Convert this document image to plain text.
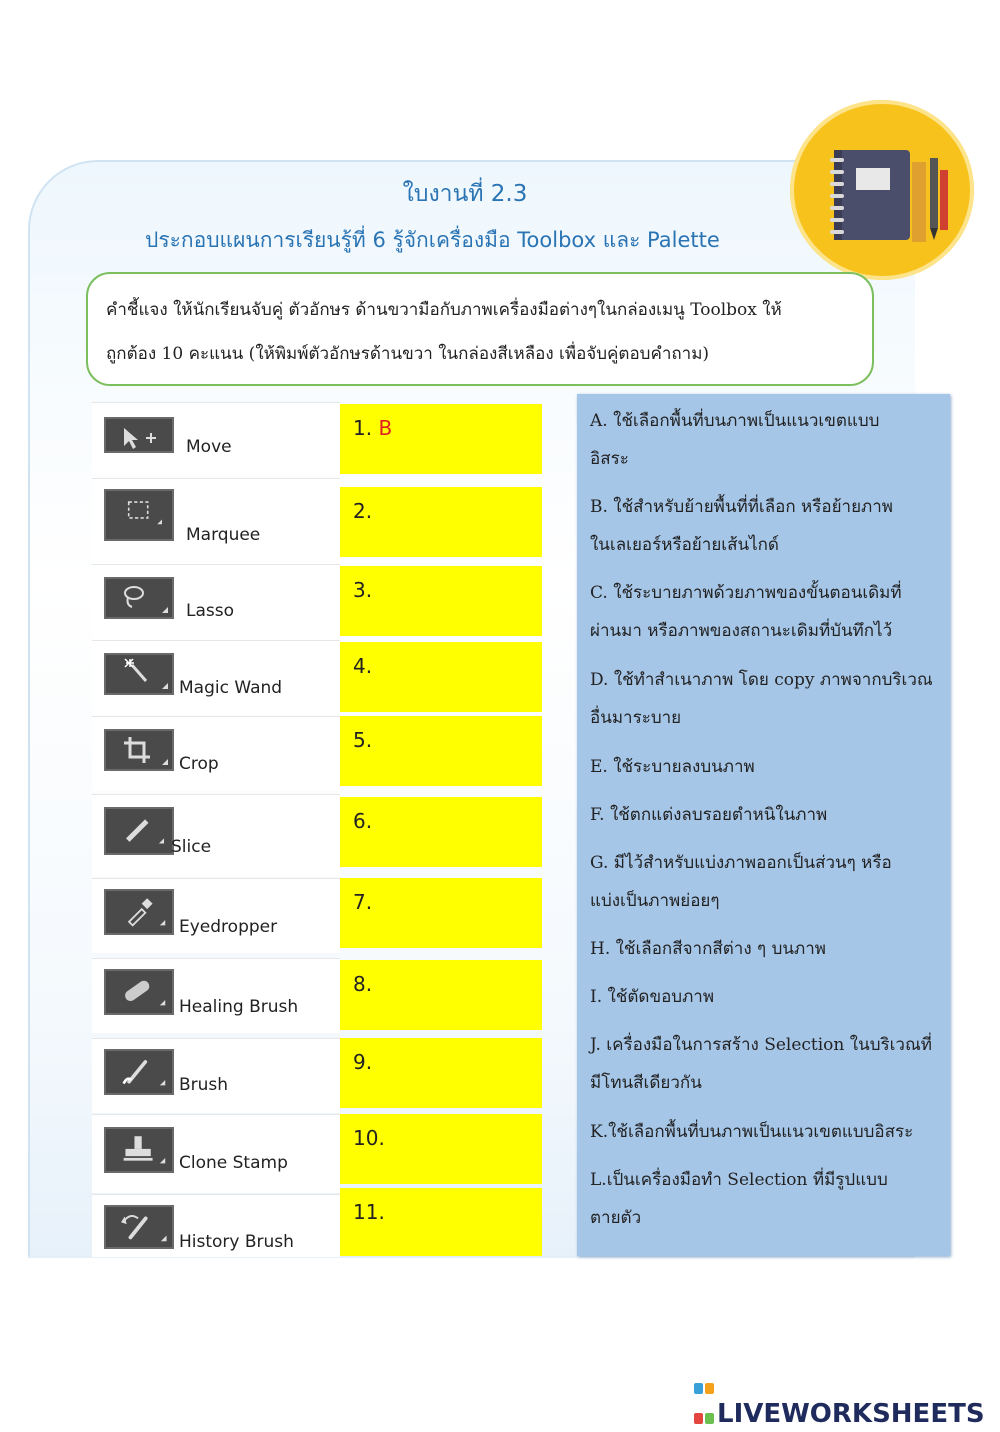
ใบงานที่ 2.3
ประกอบแผนการเรียนรู้ที่ 6 รู้จักเครื่องมือ Toolbox และ Palette
คำชี้แจง ให้นักเรียนจับคู่ ตัวอักษร ด้านขวามือกับภาพเครื่องมือต่างๆในกล่องเมนู Toolbox ให้
ถูกต้อง 10 คะแนน (ให้พิมพ์ตัวอักษรด้านขวา ในกล่องสีเหลือง เพื่อจับคู่ตอบคำถาม)
Move
1. B
Marquee
2.
Lasso
3.
Magic Wand
4.
Crop
5.
Slice
6.
Eyedropper
7.
Healing Brush
8.
Brush
9.
Clone Stamp
10.
History Brush
11.
A. ใช้เลือกพื้นที่บนภาพเป็นแนวเขตแบบ
อิสระ
B. ใช้สำหรับย้ายพื้นที่ที่เลือก หรือย้ายภาพ
ในเลเยอร์หรือย้ายเส้นไกด์
C. ใช้ระบายภาพด้วยภาพของขั้นตอนเดิมที่
ผ่านมา หรือภาพของสถานะเดิมที่บันทึกไว้
D. ใช้ทำสำเนาภาพ โดย copy ภาพจากบริเวณ
อื่นมาระบาย
E. ใช้ระบายลงบนภาพ
F. ใช้ตกแต่งลบรอยตำหนิในภาพ
G. มีไว้สำหรับแบ่งภาพออกเป็นส่วนๆ หรือ
แบ่งเป็นภาพย่อยๆ
H. ใช้เลือกสีจากสีต่าง ๆ บนภาพ
I. ใช้ตัดขอบภาพ
J. เครื่องมือในการสร้าง Selection ในบริเวณที่
มีโทนสีเดียวกัน
K.ใช้เลือกพื้นที่บนภาพเป็นแนวเขตแบบอิสระ
L.เป็นเครื่องมือทำ Selection ที่มีรูปแบบ
ตายตัว
LIVEWORKSHEETS
